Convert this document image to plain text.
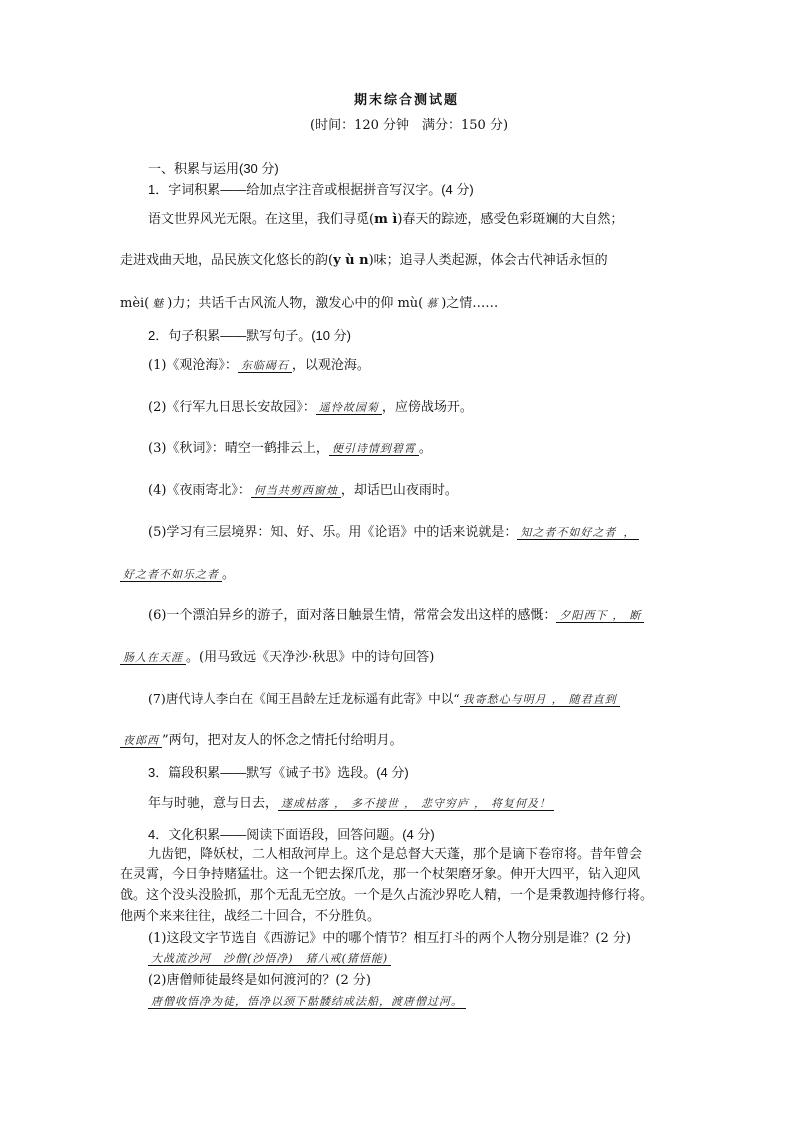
期末综合测试题
(时间：120 分钟　满分：150 分)
一、积累与运用(30 分)
1．字词积累——给加点字注音或根据拼音写汉字。(4 分)
语文世界风光无限。在这里，我们寻觅(m ì)春天的踪迹，感受色彩斑斓的大自然；
走进戏曲天地，品民族文化悠长的韵(y ù n)味；追寻人类起源，体会古代神话永恒的
mèi( 魅 )力；共话千古风流人物，激发心中的仰 mù( 慕 )之情……
2．句子积累——默写句子。(10 分)
(1)《观沧海》： 东临碣石 ，以观沧海。
(2)《行军九日思长安故园》： 遥怜故园菊 ，应傍战场开。
(3)《秋词》：晴空一鹤排云上， 便引诗情到碧霄 。
(4)《夜雨寄北》： 何当共剪西窗烛 ，却话巴山夜雨时。
(5)学习有三层境界：知、好、乐。用《论语》中的话来说就是： 知之者不如好之者 ，
好之者不如乐之者 。
(6)一个漂泊异乡的游子，面对落日触景生情，常常会发出这样的感慨： 夕阳西下 ， 断
肠人在天涯 。(用马致远《天净沙·秋思》中的诗句回答)
(7)唐代诗人李白在《闻王昌龄左迁龙标遥有此寄》中以“ 我寄愁心与明月 ， 随君直到
夜郎西 ”两句，把对友人的怀念之情托付给明月。
3．篇段积累——默写《诫子书》选段。(4 分)
年与时驰，意与日去， 遂成枯落 ， 多不接世 ， 悲守穷庐 ， 将复何及！
4．文化积累——阅读下面语段，回答问题。(4 分)
九齿钯，降妖杖，二人相敌河岸上。这个是总督大天蓬，那个是谪下卷帘将。昔年曾会
在灵霄，今日争持赌猛壮。这一个钯去探爪龙，那一个杖架磨牙象。伸开大四平，钻入迎风
戗。这个没头没脸抓，那个无乱无空放。一个是久占流沙界吃人精，一个是秉教迦持修行将。
他两个来来往往，战经二十回合，不分胜负。
(1)这段文字节选自《西游记》中的哪个情节？相互打斗的两个人物分别是谁？(2 分)
大战流沙河　 沙僧(沙悟净)　 猪八戒(猪悟能)
(2)唐僧师徒最终是如何渡河的？(2 分)
唐僧收悟净为徒，悟净以颈下骷髅结成法船，渡唐僧过河。
